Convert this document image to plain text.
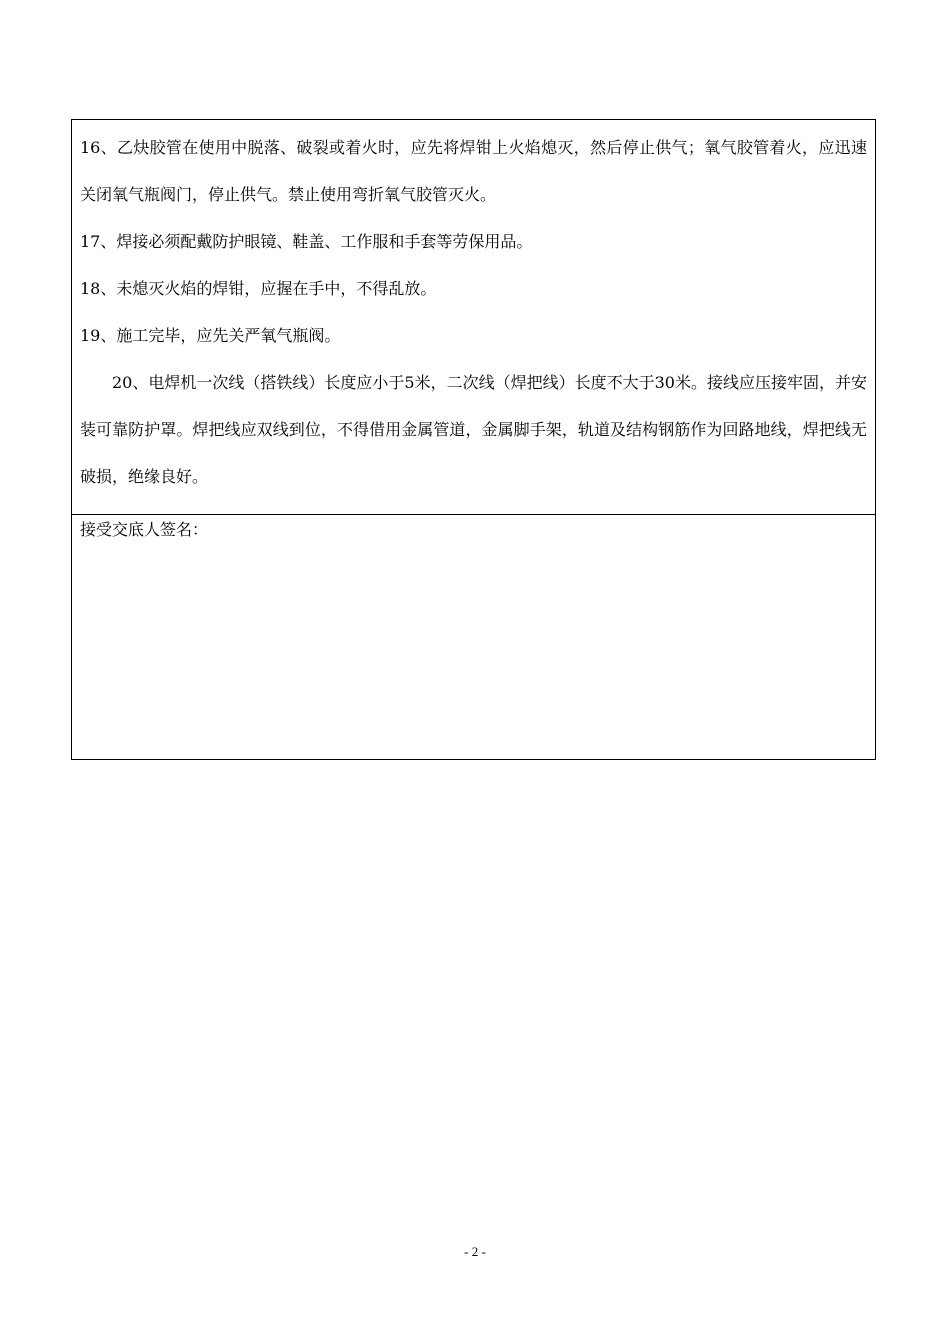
16、乙炔胶管在使用中脱落、破裂或着火时，应先将焊钳上火焰熄灭，然后停止供气；氧气胶管着火，应迅速关闭氧气瓶阀门，停止供气。禁止使用弯折氧气胶管灭火。

17、焊接必须配戴防护眼镜、鞋盖、工作服和手套等劳保用品。

18、未熄灭火焰的焊钳，应握在手中，不得乱放。

19、施工完毕，应先关严氧气瓶阀。

20、电焊机一次线（搭铁线）长度应小于5米，二次线（焊把线）长度不大于30米。接线应压接牢固，并安装可靠防护罩。焊把线应双线到位，不得借用金属管道，金属脚手架，轨道及结构钢筋作为回路地线，焊把线无破损，绝缘良好。

接受交底人签名：

- 2 -
